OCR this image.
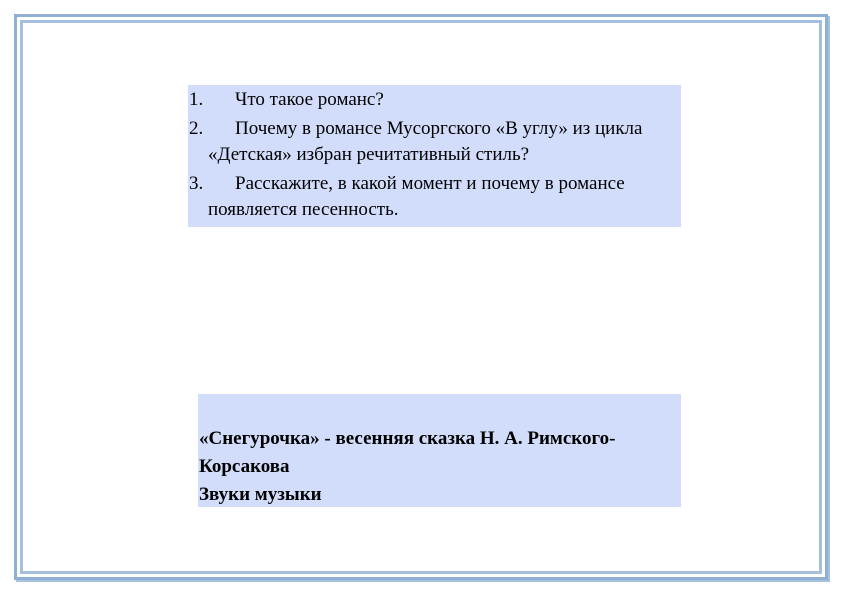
1.	Что такое романс?
2.	Почему в романсе Мусоргского «В углу» из цикла «Детская» избран речитативный стиль?
3.	Расскажите, в какой момент и почему в романсе появляется песенность.
«Снегурочка» - весенняя сказка Н. А. Римского-
Корсакова
Звуки музыки
